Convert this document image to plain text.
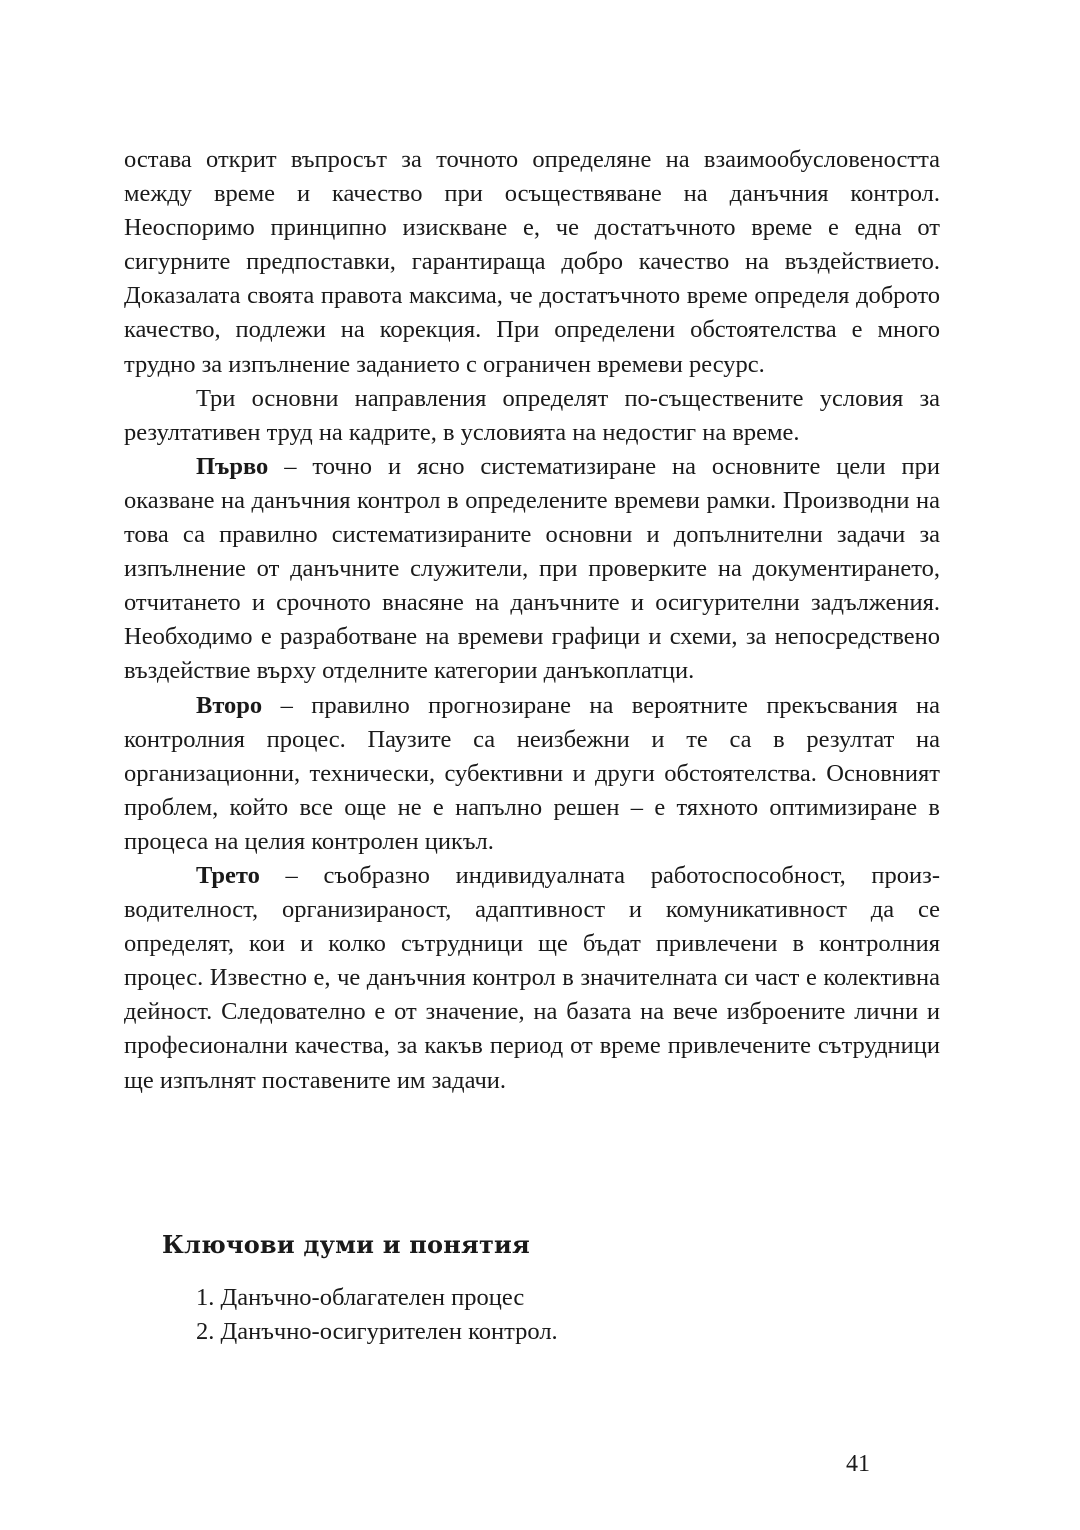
остава открит въпросът за точното определяне на взаимообусловеността между време и качество при осъществяване на данъчния контрол. Неоспоримо принципно изискване е, че достатъчното време е една от сигурните предпоставки, гарантираща добро качество на въздействието. Доказалата своята правота максима, че достатъчното време определя доброто качество, подлежи на корекция. При определени обстоятелства е много трудно за изпълнение заданието с ограничен времеви ресурс.

Три основни направления определят по-съществените условия за резултативен труд на кадрите, в условията на недостиг на време.

Първо – точно и ясно систематизиране на основните цели при оказване на данъчния контрол в определените времеви рамки. Производни на това са правилно систематизираните основни и допълнителни задачи за изпълнение от данъчните служители, при проверките на документирането, отчитането и срочното внасяне на данъчните и осигурителни задължения. Необходимо е разработване на времеви графици и схеми, за непосредствено въздействие върху отделните категории данъкоплатци.

Второ – правилно прогнозиране на вероятните прекъсвания на контролния процес. Паузите са неизбежни и те са в резултат на организационни, технически, субективни и други обстоятелства. Основният проблем, който все още не е напълно решен – е тяхното оптимизиране в процеса на целия контролен цикъл.

Трето – съобразно индивидуалната работоспособност, производителност, организираност, адаптивност и комуникативност да се определят, кои и колко сътрудници ще бъдат привлечени в контролния процес. Известно е, че данъчния контрол в значителната си част е колективна дейност. Следователно е от значение, на базата на вече изброените лични и професионални качества, за какъв период от време привлечените сътрудници ще изпълнят поставените им задачи.

Ключови думи и понятия
1. Данъчно-облагателен процес
2. Данъчно-осигурителен контрол.
41
